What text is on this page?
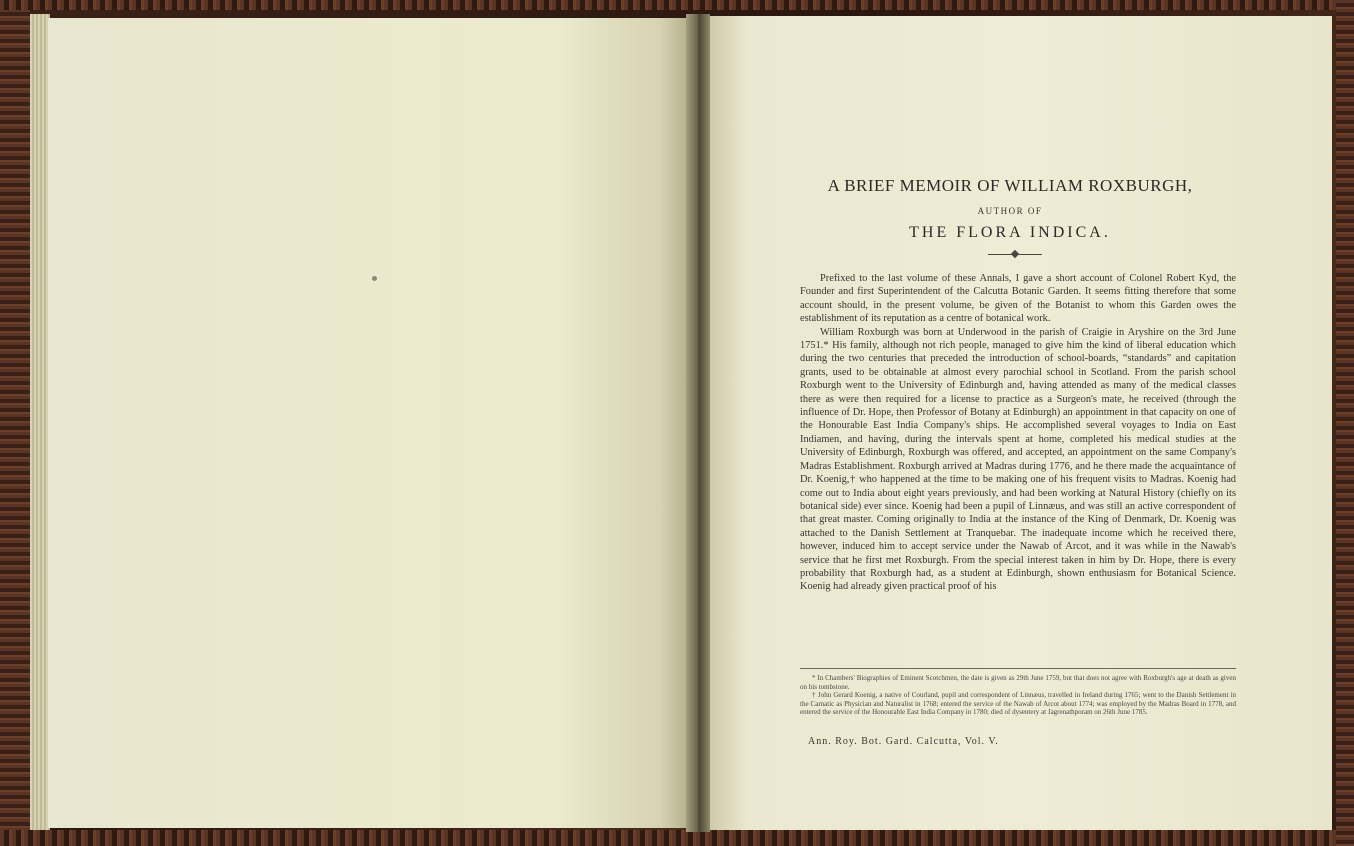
A BRIEF MEMOIR OF WILLIAM ROXBURGH,

AUTHOR OF

THE FLORA INDICA.

Prefixed to the last volume of these Annals, I gave a short account of Colonel Robert Kyd, the Founder and first Superintendent of the Calcutta Botanic Garden. It seems fitting therefore that some account should, in the present volume, be given of the Botanist to whom this Garden owes the establishment of its reputation as a centre of botanical work.

William Roxburgh was born at Underwood in the parish of Craigie in Aryshire on the 3rd June 1751.* His family, although not rich people, managed to give him the kind of liberal education which during the two centuries that preceded the introduction of school-boards, “standards” and capitation grants, used to be obtainable at almost every parochial school in Scotland. From the parish school Roxburgh went to the University of Edinburgh and, having attended as many of the medical classes there as were then required for a license to practice as a Surgeon's mate, he received (through the influence of Dr. Hope, then Professor of Botany at Edinburgh) an appointment in that capacity on one of the Honourable East India Company's ships. He accomplished several voyages to India on East Indiamen, and having, during the intervals spent at home, completed his medical studies at the University of Edinburgh, Roxburgh was offered, and accepted, an appointment on the same Company's Madras Establishment. Roxburgh arrived at Madras during 1776, and he there made the acquaintance of Dr. Koenig,† who happened at the time to be making one of his frequent visits to Madras. Koenig had come out to India about eight years previously, and had been working at Natural History (chiefly on its botanical side) ever since. Koenig had been a pupil of Linnæus, and was still an active correspondent of that great master. Coming originally to India at the instance of the King of Denmark, Dr. Koenig was attached to the Danish Settlement at Tranquebar. The inadequate income which he received there, however, induced him to accept service under the Nawab of Arcot, and it was while in the Nawab's service that he first met Roxburgh. From the special interest taken in him by Dr. Hope, there is every probability that Roxburgh had, as a student at Edinburgh, shown enthusiasm for Botanical Science. Koenig had already given practical proof of his

* In Chambers' Biographies of Eminent Scotchmen, the date is given as 29th June 1759, but that does not agree with Roxburgh's age at death as given on his tombstone.

† John Gerard Koenig, a native of Courland, pupil and correspondent of Linnæus, travelled in Ireland during 1765; went to the Danish Settlement in the Carnatic as Physician and Naturalist in 1768; entered the service of the Nawab of Arcot about 1774; was employed by the Madras Board in 1778, and entered the service of the Honourable East India Company in 1780; died of dysentery at Jagrenathporam on 26th June 1785.

Ann. Roy. Bot. Gard. Calcutta, Vol. V.
